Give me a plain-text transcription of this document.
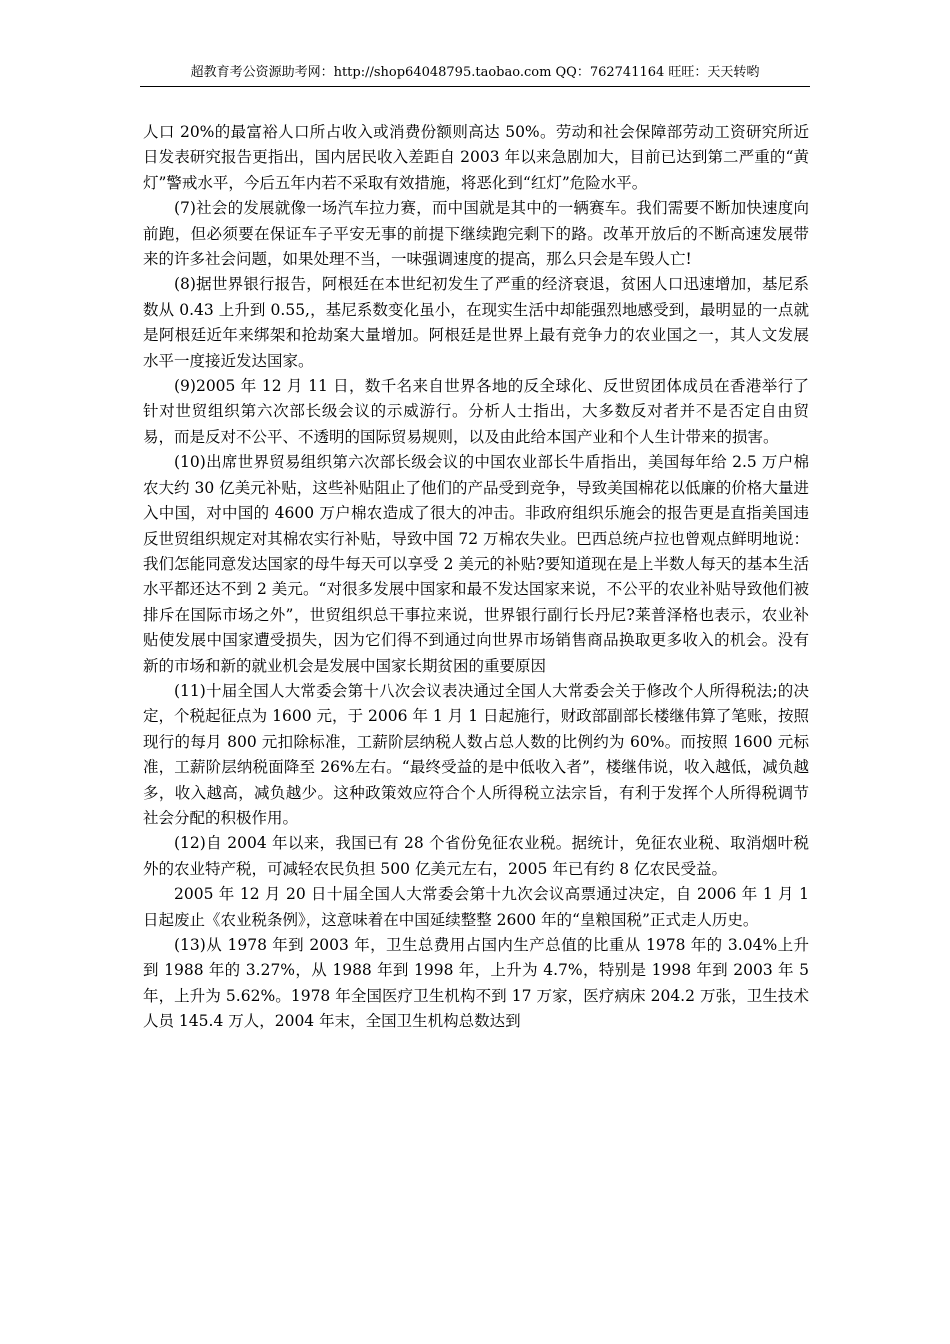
超教育考公资源助考网：http://shop64048795.taobao.com QQ：762741164 旺旺：天天转哟

人口 20%的最富裕人口所占收入或消费份额则高达 50%。劳动和社会保障部劳动工资研究所近日发表研究报告更指出，国内居民收入差距自 2003 年以来急剧加大，目前已达到第二严重的“黄灯”警戒水平，今后五年内若不采取有效措施，将恶化到“红灯”危险水平。

(7)社会的发展就像一场汽车拉力赛，而中国就是其中的一辆赛车。我们需要不断加快速度向前跑，但必须要在保证车子平安无事的前提下继续跑完剩下的路。改革开放后的不断高速发展带来的许多社会问题，如果处理不当，一味强调速度的提高，那么只会是车毁人亡!

(8)据世界银行报告，阿根廷在本世纪初发生了严重的经济衰退，贫困人口迅速增加，基尼系数从 0.43 上升到 0.55,，基尼系数变化虽小，在现实生活中却能强烈地感受到，最明显的一点就是阿根廷近年来绑架和抢劫案大量增加。阿根廷是世界上最有竞争力的农业国之一，其人文发展水平一度接近发达国家。

(9)2005 年 12 月 11 日，数千名来自世界各地的反全球化、反世贸团体成员在香港举行了针对世贸组织第六次部长级会议的示威游行。分析人士指出，大多数反对者并不是否定自由贸易，而是反对不公平、不透明的国际贸易规则，以及由此给本国产业和个人生计带来的损害。

(10)出席世界贸易组织第六次部长级会议的中国农业部长牛盾指出，美国每年给 2.5 万户棉农大约 30 亿美元补贴，这些补贴阻止了他们的产品受到竞争，导致美国棉花以低廉的价格大量进入中国，对中国的 4600 万户棉农造成了很大的冲击。非政府组织乐施会的报告更是直指美国违反世贸组织规定对其棉农实行补贴，导致中国 72 万棉农失业。巴西总统卢拉也曾观点鲜明地说：我们怎能同意发达国家的母牛每天可以享受 2 美元的补贴?要知道现在是上半数人每天的基本生活水平都还达不到 2 美元。“对很多发展中国家和最不发达国家来说，不公平的农业补贴导致他们被排斥在国际市场之外”，世贸组织总干事拉来说，世界银行副行长丹尼?莱普泽格也表示，农业补贴使发展中国家遭受损失，因为它们得不到通过向世界市场销售商品换取更多收入的机会。没有新的市场和新的就业机会是发展中国家长期贫困的重要原因

(11)十届全国人大常委会第十八次会议表决通过全国人大常委会关于修改个人所得税法;的决定，个税起征点为 1600 元，于 2006 年 1 月 1 日起施行，财政部副部长楼继伟算了笔账，按照现行的每月 800 元扣除标准，工薪阶层纳税人数占总人数的比例约为 60%。而按照 1600 元标准，工薪阶层纳税面降至 26%左右。“最终受益的是中低收入者”，楼继伟说，收入越低，减负越多，收入越高，减负越少。这种政策效应符合个人所得税立法宗旨，有利于发挥个人所得税调节社会分配的积极作用。

(12)自 2004 年以来，我国已有 28 个省份免征农业税。据统计，免征农业税、取消烟叶税外的农业特产税，可减轻农民负担 500 亿美元左右，2005 年已有约 8 亿农民受益。

2005 年 12 月 20 日十届全国人大常委会第十九次会议高票通过决定，自 2006 年 1 月 1 日起废止《农业税条例》，这意味着在中国延续整整 2600 年的“皇粮国税”正式走人历史。

(13)从 1978 年到 2003 年，卫生总费用占国内生产总值的比重从 1978 年的 3.04%上升到 1988 年的 3.27%，从 1988 年到 1998 年，上升为 4.7%，特别是 1998 年到 2003 年 5 年，上升为 5.62%。1978 年全国医疗卫生机构不到 17 万家，医疗病床 204.2 万张，卫生技术人员 145.4 万人，2004 年末，全国卫生机构总数达到
